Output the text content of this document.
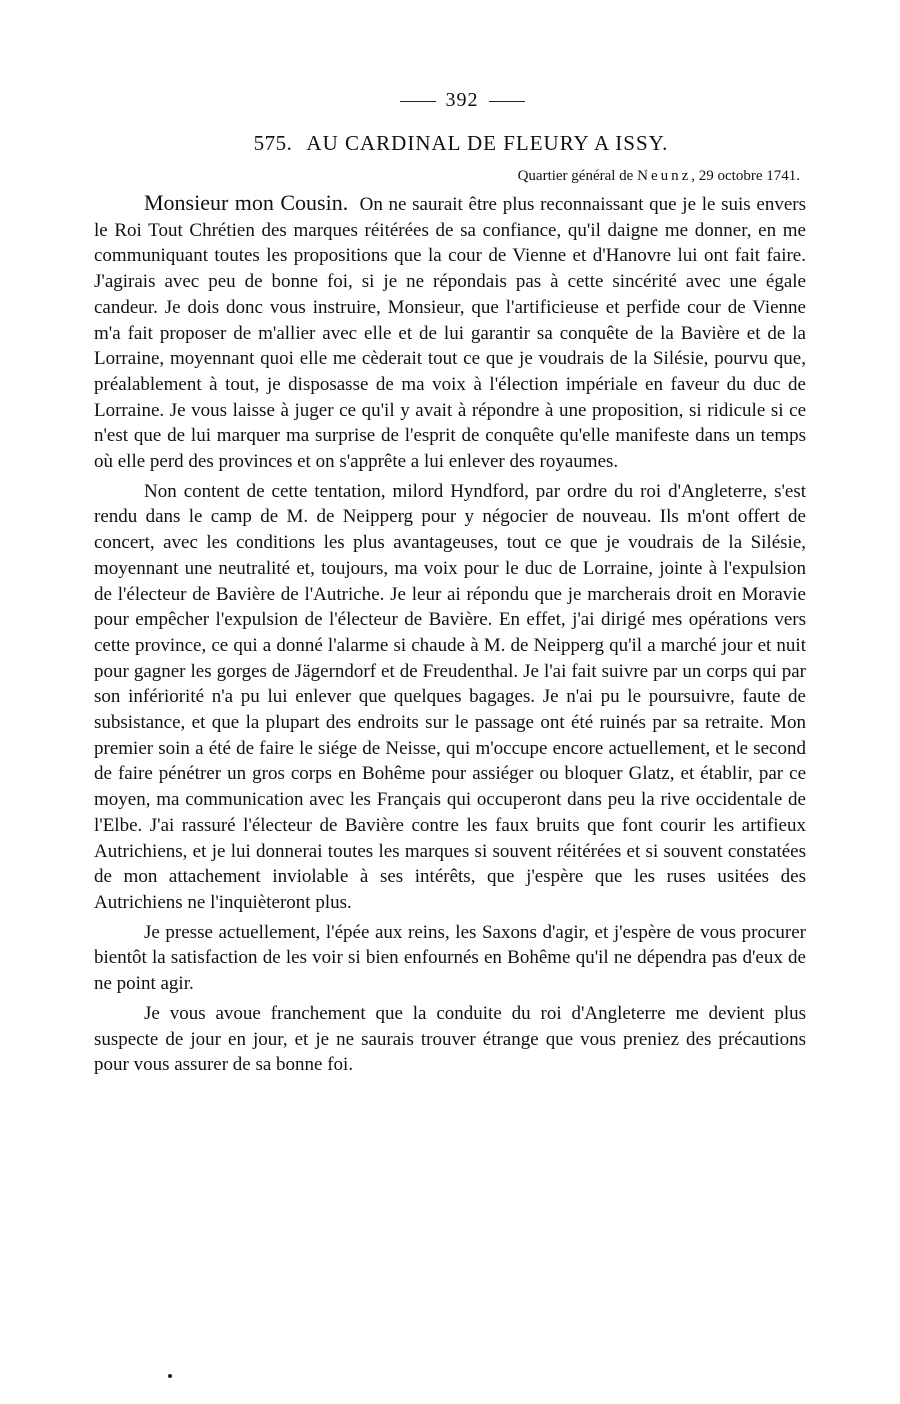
392
575. AU CARDINAL DE FLEURY A ISSY.
Quartier général de Neunz, 29 octobre 1741.

Monsieur mon Cousin. On ne saurait être plus reconnaissant que je le suis envers le Roi Tout Chrétien des marques réitérées de sa confiance, qu'il daigne me donner, en me communiquant toutes les propositions que la cour de Vienne et d'Hanovre lui ont fait faire. J'agirais avec peu de bonne foi, si je ne répondais pas à cette sincérité avec une égale candeur. Je dois donc vous instruire, Monsieur, que l'artificieuse et perfide cour de Vienne m'a fait proposer de m'allier avec elle et de lui garantir sa conquête de la Bavière et de la Lorraine, moyennant quoi elle me cèderait tout ce que je voudrais de la Silésie, pourvu que, préalablement à tout, je disposasse de ma voix à l'élection impériale en faveur du duc de Lorraine. Je vous laisse à juger ce qu'il y avait à répondre à une proposition, si ridicule si ce n'est que de lui marquer ma surprise de l'esprit de conquête qu'elle manifeste dans un temps où elle perd des provinces et on s'apprête a lui enlever des royaumes.

Non content de cette tentation, milord Hyndford, par ordre du roi d'Angleterre, s'est rendu dans le camp de M. de Neipperg pour y négocier de nouveau. Ils m'ont offert de concert, avec les conditions les plus avantageuses, tout ce que je voudrais de la Silésie, moyennant une neutralité et, toujours, ma voix pour le duc de Lorraine, jointe à l'expulsion de l'électeur de Bavière de l'Autriche. Je leur ai répondu que je marcherais droit en Moravie pour empêcher l'expulsion de l'électeur de Bavière. En effet, j'ai dirigé mes opérations vers cette province, ce qui a donné l'alarme si chaude à M. de Neipperg qu'il a marché jour et nuit pour gagner les gorges de Jägerndorf et de Freudenthal. Je l'ai fait suivre par un corps qui par son infériorité n'a pu lui enlever que quelques bagages. Je n'ai pu le poursuivre, faute de subsistance, et que la plupart des endroits sur le passage ont été ruinés par sa retraite. Mon premier soin a été de faire le siége de Neisse, qui m'occupe encore actuellement, et le second de faire pénétrer un gros corps en Bohême pour assiéger ou bloquer Glatz, et établir, par ce moyen, ma communication avec les Français qui occuperont dans peu la rive occidentale de l'Elbe. J'ai rassuré l'électeur de Bavière contre les faux bruits que font courir les artifieux Autrichiens, et je lui donnerai toutes les marques si souvent réitérées et si souvent constatées de mon attachement inviolable à ses intérêts, que j'espère que les ruses usitées des Autrichiens ne l'inquièteront plus.

Je presse actuellement, l'épée aux reins, les Saxons d'agir, et j'espère de vous procurer bientôt la satisfaction de les voir si bien enfournés en Bohême qu'il ne dépendra pas d'eux de ne point agir.

Je vous avoue franchement que la conduite du roi d'Angleterre me devient plus suspecte de jour en jour, et je ne saurais trouver étrange que vous preniez des précautions pour vous assurer de sa bonne foi.
